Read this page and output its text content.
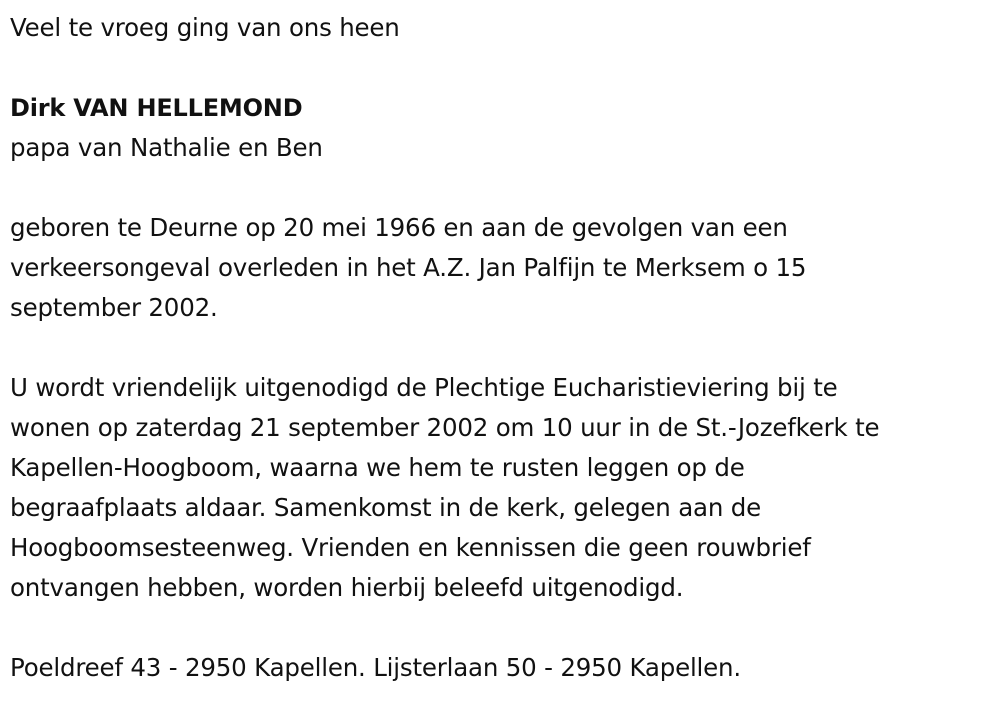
Veel te vroeg ging van ons heen
Dirk VAN HELLEMOND
papa van Nathalie en Ben
geboren te Deurne op 20 mei 1966 en aan de gevolgen van een
verkeersongeval overleden in het A.Z. Jan Palfijn te Merksem o 15
september 2002.
U wordt vriendelijk uitgenodigd de Plechtige Eucharistieviering bij te
wonen op zaterdag 21 september 2002 om 10 uur in de St.-Jozefkerk te
Kapellen-Hoogboom, waarna we hem te rusten leggen op de
begraafplaats aldaar. Samenkomst in de kerk, gelegen aan de
Hoogboomsesteenweg. Vrienden en kennissen die geen rouwbrief
ontvangen hebben, worden hierbij beleefd uitgenodigd.
Poeldreef 43 - 2950 Kapellen. Lijsterlaan 50 - 2950 Kapellen.
